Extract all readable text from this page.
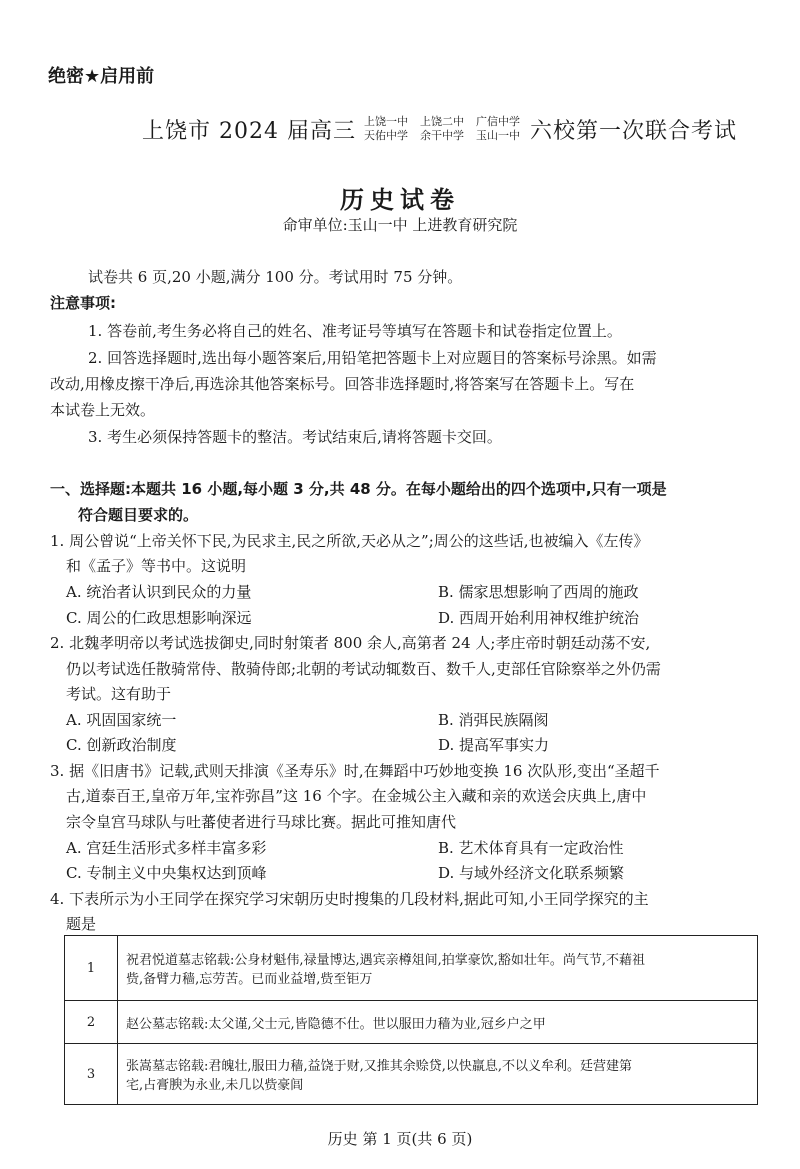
绝密★启用前
上饶市 2024 届高三 上饶一中 上饶二中 广信中学
天佑中学 余干中学 玉山一中 六校第一次联合考试
历史试卷
命审单位:玉山一中 上进教育研究院
试卷共 6 页,20 小题,满分 100 分。考试用时 75 分钟。
注意事项:
1. 答卷前,考生务必将自己的姓名、准考证号等填写在答题卡和试卷指定位置上。
2. 回答选择题时,选出每小题答案后,用铅笔把答题卡上对应题目的答案标号涂黑。如需
改动,用橡皮擦干净后,再选涂其他答案标号。回答非选择题时,将答案写在答题卡上。写在
本试卷上无效。
3. 考生必须保持答题卡的整洁。考试结束后,请将答题卡交回。
一、选择题:本题共 16 小题,每小题 3 分,共 48 分。在每小题给出的四个选项中,只有一项是
符合题目要求的。
1. 周公曾说“上帝关怀下民,为民求主,民之所欲,天必从之”;周公的这些话,也被编入《左传》
和《孟子》等书中。这说明
A. 统治者认识到民众的力量	B. 儒家思想影响了西周的施政
C. 周公的仁政思想影响深远	D. 西周开始利用神权维护统治
2. 北魏孝明帝以考试选拔御史,同时射策者 800 余人,高第者 24 人;孝庄帝时朝廷动荡不安,
仍以考试选任散骑常侍、散骑侍郎;北朝的考试动辄数百、数千人,吏部任官除察举之外仍需
考试。这有助于
A. 巩固国家统一	B. 消弭民族隔阂
C. 创新政治制度	D. 提高军事实力
3. 据《旧唐书》记载,武则天排演《圣寿乐》时,在舞蹈中巧妙地变换 16 次队形,变出“圣超千
古,道泰百王,皇帝万年,宝祚弥昌”这 16 个字。在金城公主入藏和亲的欢送会庆典上,唐中
宗令皇宫马球队与吐蕃使者进行马球比赛。据此可推知唐代
A. 宫廷生活形式多样丰富多彩	B. 艺术体育具有一定政治性
C. 专制主义中央集权达到顶峰	D. 与域外经济文化联系频繁
4. 下表所示为小王同学在探究学习宋朝历史时搜集的几段材料,据此可知,小王同学探究的主
题是
1	祝君悦道墓志铭载:公身材魁伟,禄量博达,遇宾亲樽俎间,拍掌豪饮,豁如壮年。尚气节,不藉祖
赀,备臂力穑,忘劳苦。已而业益增,赀至钜万

2	赵公墓志铭载:太父谨,父士元,皆隐德不仕。世以服田力穑为业,冠乡户之甲

3	张嵩墓志铭载:君魄壮,服田力穑,益饶于财,又推其余赊贷,以快羸息,不以义牟利。廷营建第
宅,占膏腴为永业,未几以赀豪闾
历史 第 1 页(共 6 页)
